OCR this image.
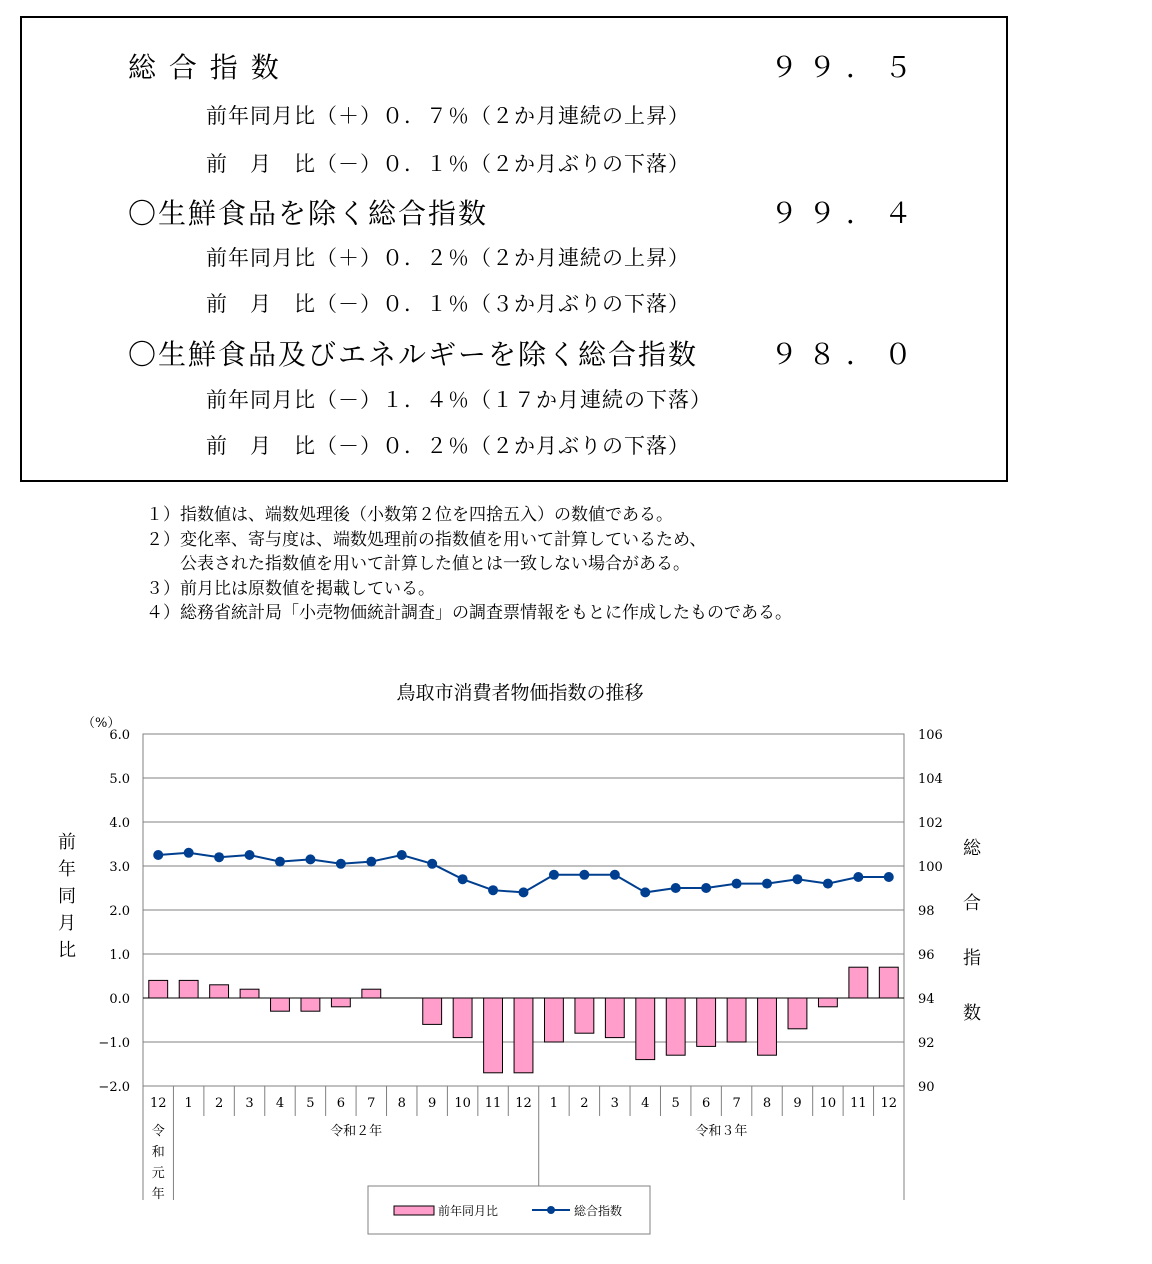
総 合 指 数	９９．５
前年同月比（＋）０．７％（２か月連続の上昇）
前　月　比（－）０．１％（２か月ぶりの下落）
〇生鮮食品を除く総合指数	９９．４
前年同月比（＋）０．２％（２か月連続の上昇）
前　月　比（－）０．１％（３か月ぶりの下落）
〇生鮮食品及びエネルギーを除く総合指数	９８．０
前年同月比（－）１．４％（１７か月連続の下落）
前　月　比（－）０．２％（２か月ぶりの下落）
１）指数値は、端数処理後（小数第２位を四捨五入）の数値である。
２）変化率、寄与度は、端数処理前の指数値を用いて計算しているため、
　　公表された指数値を用いて計算した値とは一致しない場合がある。
３）前月比は原数値を掲載している。
４）総務省統計局「小売物価統計調査」の調査票情報をもとに作成したものである。
鳥取市消費者物価指数の推移
6.0	106
5.0	104
4.0	102
3.0	100
2.0	98
1.0	96
0.0	94
−1.0	92
−2.0	90
（%）
前
年
同
月
比
総
合
指
数
12 1 2 3 4 5 6 7 8 9 10 11 12 1 2 3 4 5 6 7 8 9 10 11 12
令
和
元
年
令和２年	令和３年
前年同月比	総合指数
